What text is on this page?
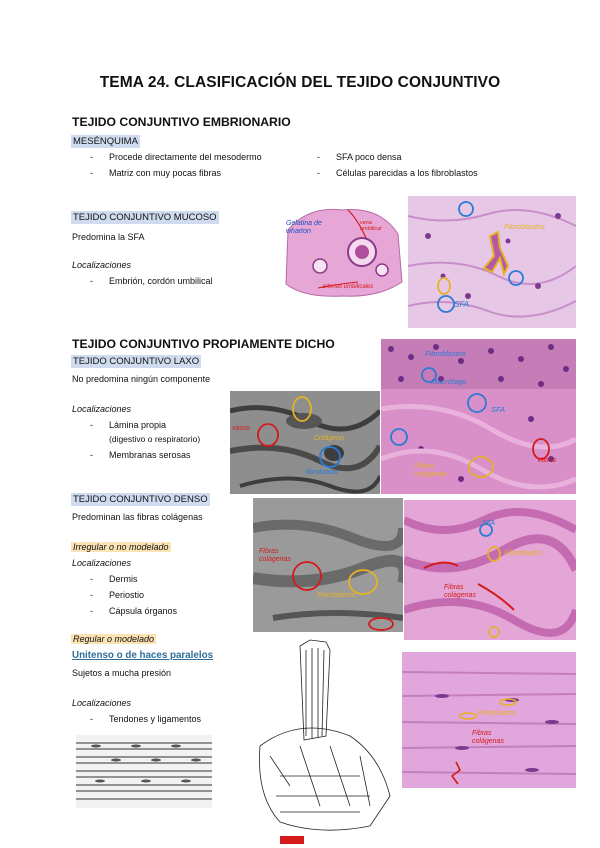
TEMA 24. CLASIFICACIÓN DEL TEJIDO CONJUNTIVO
TEJIDO CONJUNTIVO EMBRIONARIO
MESÉNQUIMA
- Procede directamente del mesodermo
- Matriz con muy pocas fibras
- SFA poco densa
- Células parecidas a los fibroblastos
TEJIDO CONJUNTIVO MUCOSO
Predomina la SFA
Localizaciones
- Embrión, cordón umbilical
Gelatina de wharton
vena umbilical
arterias umbilicales
Fibroblastos
SFA
TEJIDO CONJUNTIVO PROPIAMENTE DICHO
TEJIDO CONJUNTIVO LAXO
No predomina ningún componente
Localizaciones
- Lámina propia
(digestivo o respiratorio)
- Membranas serosas
vasos
Colágeno
fibroblasto
Fibroblastos
Macrófago
SFA
Fibras colágenas
Vasos
TEJIDO CONJUNTIVO DENSO
Predominan las fibras colágenas
Irregular o no modelado
Localizaciones
- Dermis
- Periostio
- Cápsula órganos
Fibras colágenas
Fibroblastos
SFA
Fibroblastos
Fibras colágenas
Regular o modelado
Unitenso o de haces paralelos
Sujetos a mucha presión
Localizaciones
- Tendones y ligamentos
Fibroblastos
Fibras colágenas
